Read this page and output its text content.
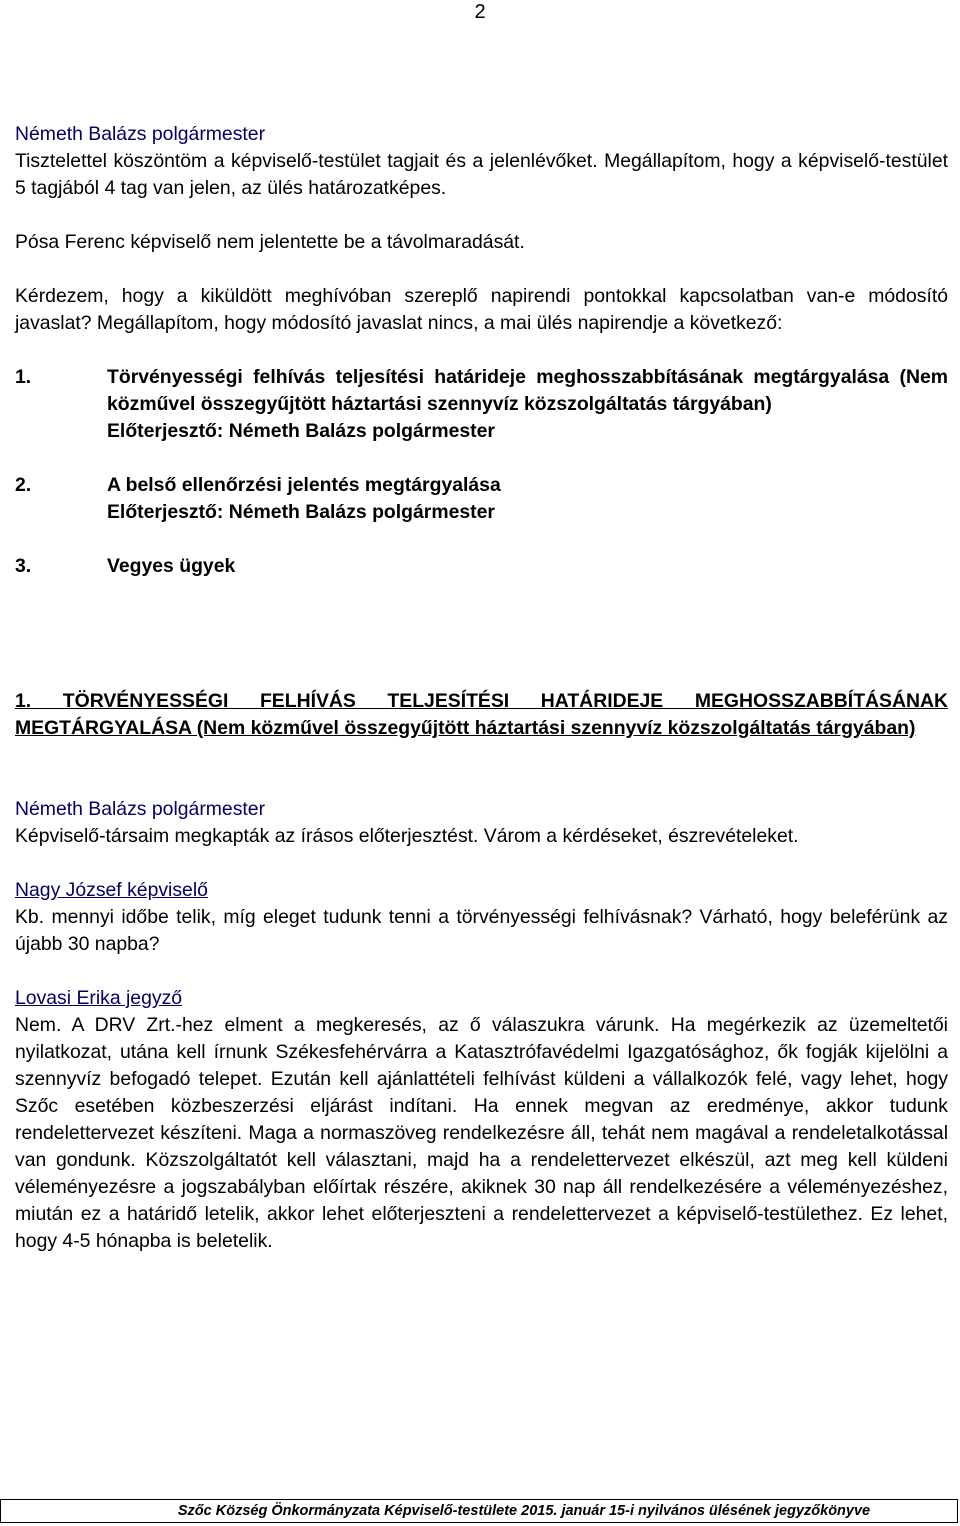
2

Németh Balázs polgármester

Tisztelettel köszöntöm a képviselő-testület tagjait és a jelenlévőket. Megállapítom, hogy a képviselő-testület 5 tagjából 4 tag van jelen, az ülés határozatképes.

Pósa Ferenc képviselő nem jelentette be a távolmaradását.

Kérdezem, hogy a kiküldött meghívóban szereplő napirendi pontokkal kapcsolatban van-e módosító javaslat? Megállapítom, hogy módosító javaslat nincs, a mai ülés napirendje a következő:

1.	Törvényességi felhívás teljesítési határideje meghosszabbításának megtárgyalása (Nem közművel összegyűjtött háztartási szennyvíz közszolgáltatás tárgyában)

Előterjesztő: Németh Balázs polgármester

2.	A belső ellenőrzési jelentés megtárgyalása

Előterjesztő: Németh Balázs polgármester

3.	Vegyes ügyek

1. TÖRVÉNYESSÉGI FELHÍVÁS TELJESÍTÉSI HATÁRIDEJE MEGHOSSZABBÍTÁSÁNAK MEGTÁRGYALÁSA (Nem közművel összegyűjtött háztartási szennyvíz közszolgáltatás tárgyában)

Németh Balázs polgármester

Képviselő-társaim megkapták az írásos előterjesztést. Várom a kérdéseket, észrevételeket.

Nagy József képviselő

Kb. mennyi időbe telik, míg eleget tudunk tenni a törvényességi felhívásnak? Várható, hogy beleférünk az újabb 30 napba?

Lovasi Erika jegyző

Nem. A DRV Zrt.-hez elment a megkeresés, az ő válaszukra várunk. Ha megérkezik az üzemeltetői nyilatkozat, utána kell írnunk Székesfehérvárra a Katasztrófavédelmi Igazgatósághoz, ők fogják kijelölni a szennyvíz befogadó telepet. Ezután kell ajánlattételi felhívást küldeni a vállalkozók felé, vagy lehet, hogy Szőc esetében közbeszerzési eljárást indítani. Ha ennek megvan az eredménye, akkor tudunk rendelettervezet készíteni. Maga a normaszöveg rendelkezésre áll, tehát nem magával a rendeletalkotással van gondunk. Közszolgáltatót kell választani, majd ha a rendelettervezet elkészül, azt meg kell küldeni véleményezésre a jogszabályban előírtak részére, akiknek 30 nap áll rendelkezésére a véleményezéshez, miután ez a határidő letelik, akkor lehet előterjeszteni a rendelettervezet a képviselő-testülethez. Ez lehet, hogy 4-5 hónapba is beletelik.

Szőc Község Önkormányzata Képviselő-testülete 2015. január 15-i nyilvános ülésének jegyzőkönyve
